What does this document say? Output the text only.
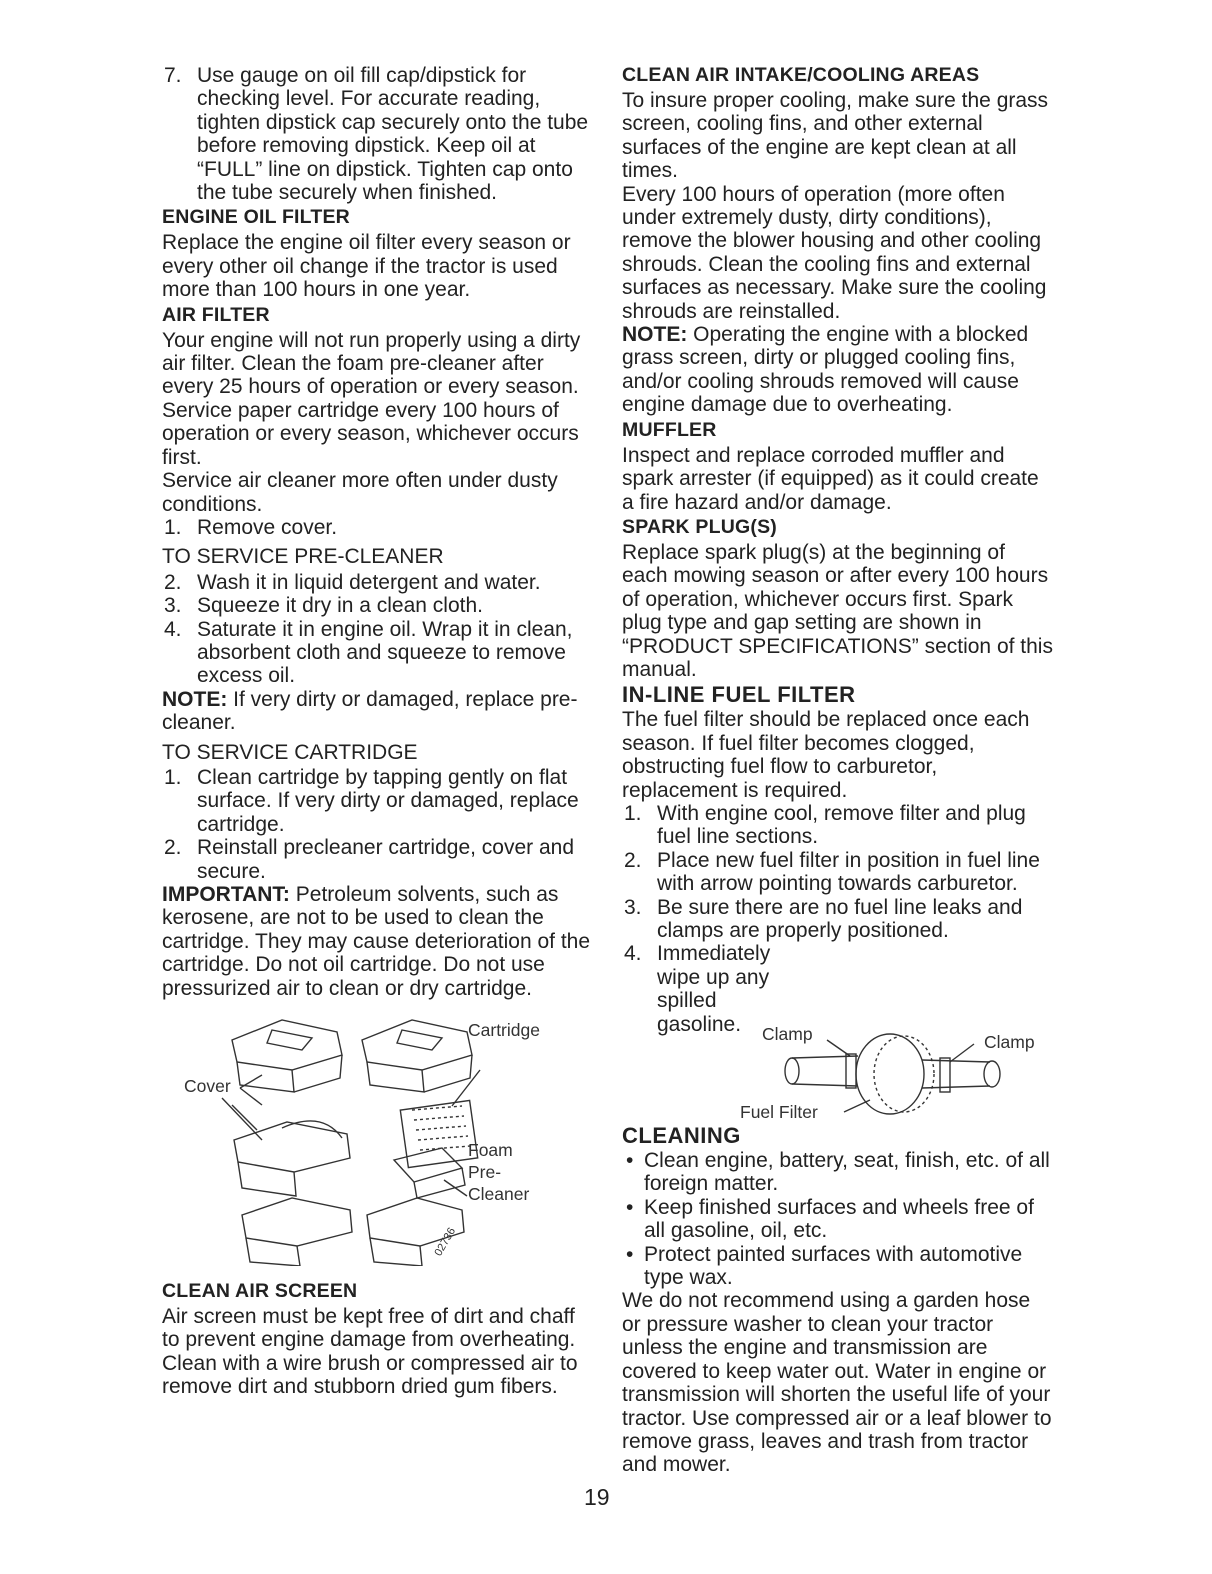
7. Use gauge on oil fill cap/dipstick for checking level. For accurate reading, tighten dipstick cap securely onto the tube before removing dipstick. Keep oil at “FULL” line on dipstick. Tighten cap onto the tube securely when finished.

ENGINE OIL FILTER

Replace the engine oil filter every season or every other oil change if the tractor is used more than 100 hours in one year.

AIR FILTER

Your engine will not run properly using a dirty air filter. Clean the foam pre-cleaner after every 25 hours of operation or every season. Service paper cartridge every 100 hours of operation or every season, whichever occurs first.

Service air cleaner more often under dusty conditions.

1. Remove cover.

TO SERVICE PRE-CLEANER

2. Wash it in liquid detergent and water.

3. Squeeze it dry in a clean cloth.

4. Saturate it in engine oil. Wrap it in clean, absorbent cloth and squeeze to remove excess oil.

NOTE: If very dirty or damaged, replace pre-cleaner.

TO SERVICE CARTRIDGE

1. Clean cartridge by tapping gently on flat surface. If very dirty or damaged, replace cartridge.

2. Reinstall precleaner cartridge, cover and secure.

IMPORTANT: Petroleum solvents, such as kerosene, are not to be used to clean the cartridge. They may cause deterioration of the cartridge. Do not oil cartridge. Do not use pressurized air to clean or dry cartridge.

Cartridge
Cover
Foam
Pre-
Cleaner
02736
CLEAN AIR SCREEN

Air screen must be kept free of dirt and chaff to prevent engine damage from overheating. Clean with a wire brush or compressed air to remove dirt and stubborn dried gum fibers.

CLEAN AIR INTAKE/COOLING AREAS

To insure proper cooling, make sure the grass screen, cooling fins, and other external surfaces of the engine are kept clean at all times.

Every 100 hours of operation (more often under extremely dusty, dirty conditions), remove the blower housing and other cooling shrouds. Clean the cooling fins and external surfaces as necessary. Make sure the cooling shrouds are reinstalled.

NOTE: Operating the engine with a blocked grass screen, dirty or plugged cooling fins, and/or cooling shrouds removed will cause engine damage due to overheating.

MUFFLER

Inspect and replace corroded muffler and spark arrester (if equipped) as it could create a fire hazard and/or damage.

SPARK PLUG(S)

Replace spark plug(s) at the beginning of each mowing season or after every 100 hours of operation, whichever occurs first. Spark plug type and gap setting are shown in “PRODUCT SPECIFICATIONS” section of this manual.

IN-LINE FUEL FILTER

The fuel filter should be replaced once each season. If fuel filter becomes clogged, obstructing fuel flow to carburetor, replacement is required.

1. With engine cool, remove filter and plug fuel line sections.

2. Place new fuel filter in position in fuel line with arrow pointing towards carburetor.

3. Be sure there are no fuel line leaks and clamps are properly positioned.

4. Immediately wipe up any spilled gasoline.	Clamp	Clamp
Fuel Filter
CLEANING
• Clean engine, battery, seat, finish, etc. of all foreign matter.

• Keep finished surfaces and wheels free of all gasoline, oil, etc.

• Protect painted surfaces with automotive type wax.

We do not recommend using a garden hose or pressure washer to clean your tractor unless the engine and transmission are covered to keep water out. Water in engine or transmission will shorten the useful life of your tractor. Use compressed air or a leaf blower to remove grass, leaves and trash from tractor and mower.

19
